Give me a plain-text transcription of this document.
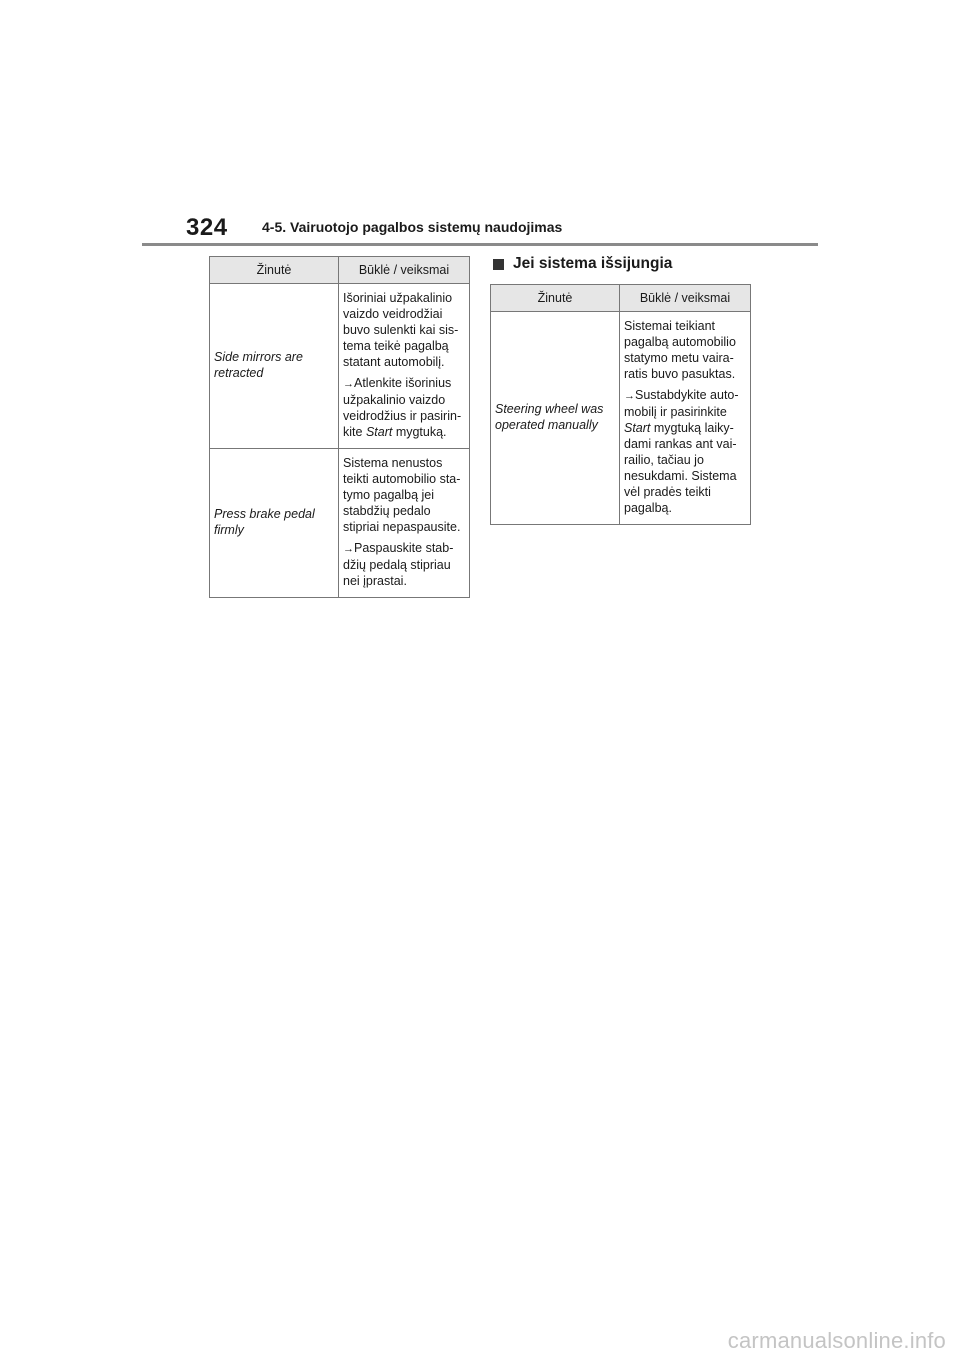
324 4-5. Vairuotojo pagalbos sistemų naudojimas
Žinutė	Būklė / veiksmai
Side mirrors are retracted	Išoriniai užpakalinio vaizdo veidrodžiai buvo sulenkti kai sistema teikė pagalbą statant automobilį.

→Atlenkite išorinius užpakalinio vaizdo veidrodžius ir pasirinkite Start mygtuką.

Press brake pedal firmly	Sistema nenustos teikti automobilio statymo pagalbą jei stabdžių pedalo stipriai nepaspausite.

→Paspauskite stabdžių pedalą stipriau nei įprastai.

Jei sistema išsijungia
Žinutė	Būklė / veiksmai
Steering wheel was operated manually	Sistemai teikiant pagalbą automobilio statymo metu vairaratis buvo pasuktas.

→Sustabdykite automobilį ir pasirinkite Start mygtuką laikydami rankas ant vairailio, tačiau jo nesukdami. Sistema vėl pradės teikti pagalbą.

carmanualsonline.info
